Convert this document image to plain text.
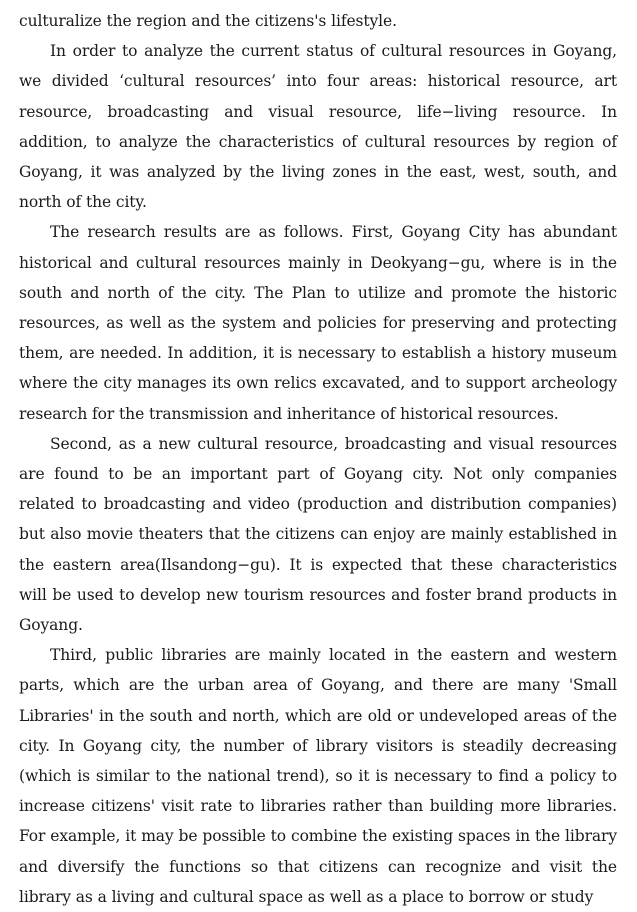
culturalize the region and the citizens's lifestyle.

In order to analyze the current status of cultural resources in Goyang, we divided ‘cultural resources’ into four areas: historical resource, art resource, broadcasting and visual resource, life−living resource. In addition, to analyze the characteristics of cultural resources by region of Goyang, it was analyzed by the living zones in the east, west, south, and north of the city.

The research results are as follows. First, Goyang City has abundant historical and cultural resources mainly in Deokyang−gu, where is in the south and north of the city. The Plan to utilize and promote the historic resources, as well as the system and policies for preserving and protecting them, are needed. In addition, it is necessary to establish a history museum where the city manages its own relics excavated, and to support archeology research for the transmission and inheritance of historical resources.

Second, as a new cultural resource, broadcasting and visual resources are found to be an important part of Goyang city. Not only companies related to broadcasting and video (production and distribution companies) but also movie theaters that the citizens can enjoy are mainly established in the eastern area(Ilsandong−gu). It is expected that these characteristics will be used to develop new tourism resources and foster brand products in Goyang.

Third, public libraries are mainly located in the eastern and western parts, which are the urban area of Goyang, and there are many 'Small Libraries' in the south and north, which are old or undeveloped areas of the city. In Goyang city, the number of library visitors is steadily decreasing (which is similar to the national trend), so it is necessary to find a policy to increase citizens' visit rate to libraries rather than building more libraries. For example, it may be possible to combine the existing spaces in the library and diversify the functions so that citizens can recognize and visit the library as a living and cultural space as well as a place to borrow or study
